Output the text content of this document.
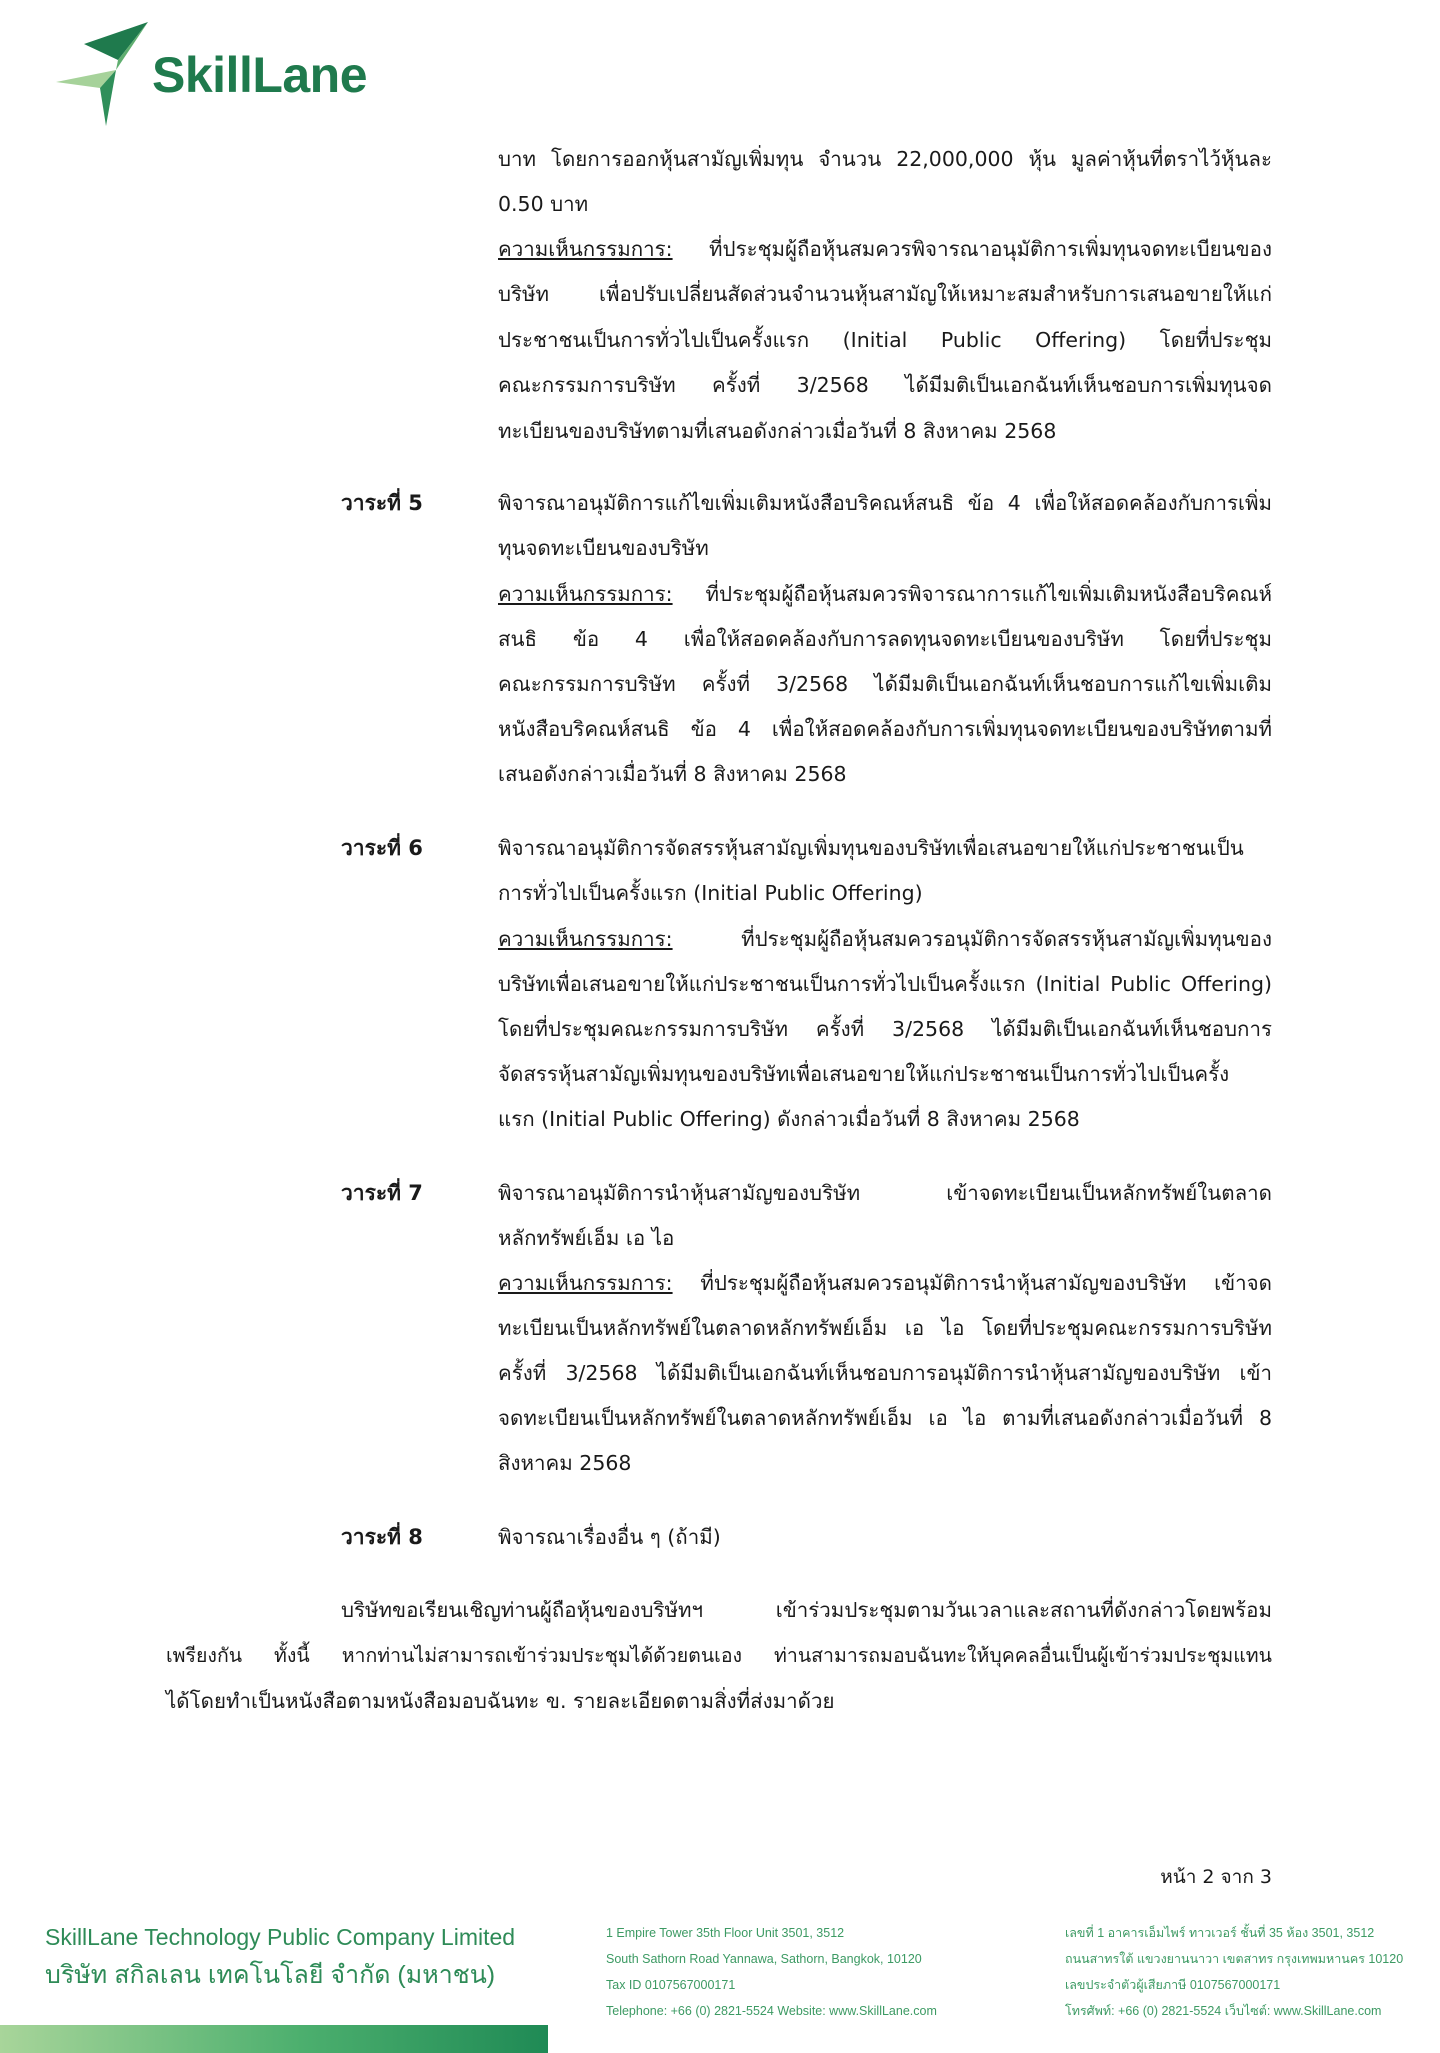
SkillLane
บาท โดยการออกหุ้นสามัญเพิ่มทุน จำนวน 22,000,000 หุ้น มูลค่าหุ้นที่ตราไว้หุ้นละ
0.50 บาท
ความเห็นกรรมการ: ที่ประชุมผู้ถือหุ้นสมควรพิจารณาอนุมัติการเพิ่มทุนจดทะเบียนของ
บริษัท เพื่อปรับเปลี่ยนสัดส่วนจำนวนหุ้นสามัญให้เหมาะสมสำหรับการเสนอขายให้แก่
ประชาชนเป็นการทั่วไปเป็นครั้งแรก (Initial Public Offering) โดยที่ประชุม
คณะกรรมการบริษัท ครั้งที่ 3/2568 ได้มีมติเป็นเอกฉันท์เห็นชอบการเพิ่มทุนจด
ทะเบียนของบริษัทตามที่เสนอดังกล่าวเมื่อวันที่ 8 สิงหาคม 2568
วาระที่ 5	พิจารณาอนุมัติการแก้ไขเพิ่มเติมหนังสือบริคณห์สนธิ ข้อ 4 เพื่อให้สอดคล้องกับการเพิ่ม
ทุนจดทะเบียนของบริษัท
ความเห็นกรรมการ: ที่ประชุมผู้ถือหุ้นสมควรพิจารณาการแก้ไขเพิ่มเติมหนังสือบริคณห์
สนธิ ข้อ 4 เพื่อให้สอดคล้องกับการลดทุนจดทะเบียนของบริษัท โดยที่ประชุม
คณะกรรมการบริษัท ครั้งที่ 3/2568 ได้มีมติเป็นเอกฉันท์เห็นชอบการแก้ไขเพิ่มเติม
หนังสือบริคณห์สนธิ ข้อ 4 เพื่อให้สอดคล้องกับการเพิ่มทุนจดทะเบียนของบริษัทตามที่
เสนอดังกล่าวเมื่อวันที่ 8 สิงหาคม 2568
วาระที่ 6	พิจารณาอนุมัติการจัดสรรหุ้นสามัญเพิ่มทุนของบริษัทเพื่อเสนอขายให้แก่ประชาชนเป็น
การทั่วไปเป็นครั้งแรก (Initial Public Offering)
ความเห็นกรรมการ:	ที่ประชุมผู้ถือหุ้นสมควรอนุมัติการจัดสรรหุ้นสามัญเพิ่มทุนของ
บริษัทเพื่อเสนอขายให้แก่ประชาชนเป็นการทั่วไปเป็นครั้งแรก (Initial Public Offering)
โดยที่ประชุมคณะกรรมการบริษัท ครั้งที่ 3/2568 ได้มีมติเป็นเอกฉันท์เห็นชอบการ
จัดสรรหุ้นสามัญเพิ่มทุนของบริษัทเพื่อเสนอขายให้แก่ประชาชนเป็นการทั่วไปเป็นครั้ง
แรก (Initial Public Offering) ดังกล่าวเมื่อวันที่ 8 สิงหาคม 2568
วาระที่ 7	พิจารณาอนุมัติการนำหุ้นสามัญของบริษัท เข้าจดทะเบียนเป็นหลักทรัพย์ในตลาด
หลักทรัพย์เอ็ม เอ ไอ
ความเห็นกรรมการ: ที่ประชุมผู้ถือหุ้นสมควรอนุมัติการนำหุ้นสามัญของบริษัท เข้าจด
ทะเบียนเป็นหลักทรัพย์ในตลาดหลักทรัพย์เอ็ม เอ ไอ โดยที่ประชุมคณะกรรมการบริษัท
ครั้งที่ 3/2568 ได้มีมติเป็นเอกฉันท์เห็นชอบการอนุมัติการนำหุ้นสามัญของบริษัท เข้า
จดทะเบียนเป็นหลักทรัพย์ในตลาดหลักทรัพย์เอ็ม เอ ไอ ตามที่เสนอดังกล่าวเมื่อวันที่ 8
สิงหาคม 2568
วาระที่ 8	พิจารณาเรื่องอื่น ๆ (ถ้ามี)
บริษัทขอเรียนเชิญท่านผู้ถือหุ้นของบริษัทฯ เข้าร่วมประชุมตามวันเวลาและสถานที่ดังกล่าวโดยพร้อม
เพรียงกัน ทั้งนี้ หากท่านไม่สามารถเข้าร่วมประชุมได้ด้วยตนเอง ท่านสามารถมอบฉันทะให้บุคคลอื่นเป็นผู้เข้าร่วมประชุมแทน
ได้โดยทำเป็นหนังสือตามหนังสือมอบฉันทะ ข. รายละเอียดตามสิ่งที่ส่งมาด้วย
หน้า 2 จาก 3
SkillLane Technology Public Company Limited
บริษัท สกิลเลน เทคโนโลยี จำกัด (มหาชน)
1 Empire Tower 35th Floor Unit 3501, 3512
South Sathorn Road Yannawa, Sathorn, Bangkok, 10120
Tax ID 0107567000171
Telephone: +66 (0) 2821-5524 Website: www.SkillLane.com
เลขที่ 1 อาคารเอ็มไพร์ ทาวเวอร์ ชั้นที่ 35 ห้อง 3501, 3512
ถนนสาทรใต้ แขวงยานนาวา เขตสาทร กรุงเทพมหานคร 10120
เลขประจำตัวผู้เสียภาษี 0107567000171
โทรศัพท์: +66 (0) 2821-5524 เว็บไซต์: www.SkillLane.com
